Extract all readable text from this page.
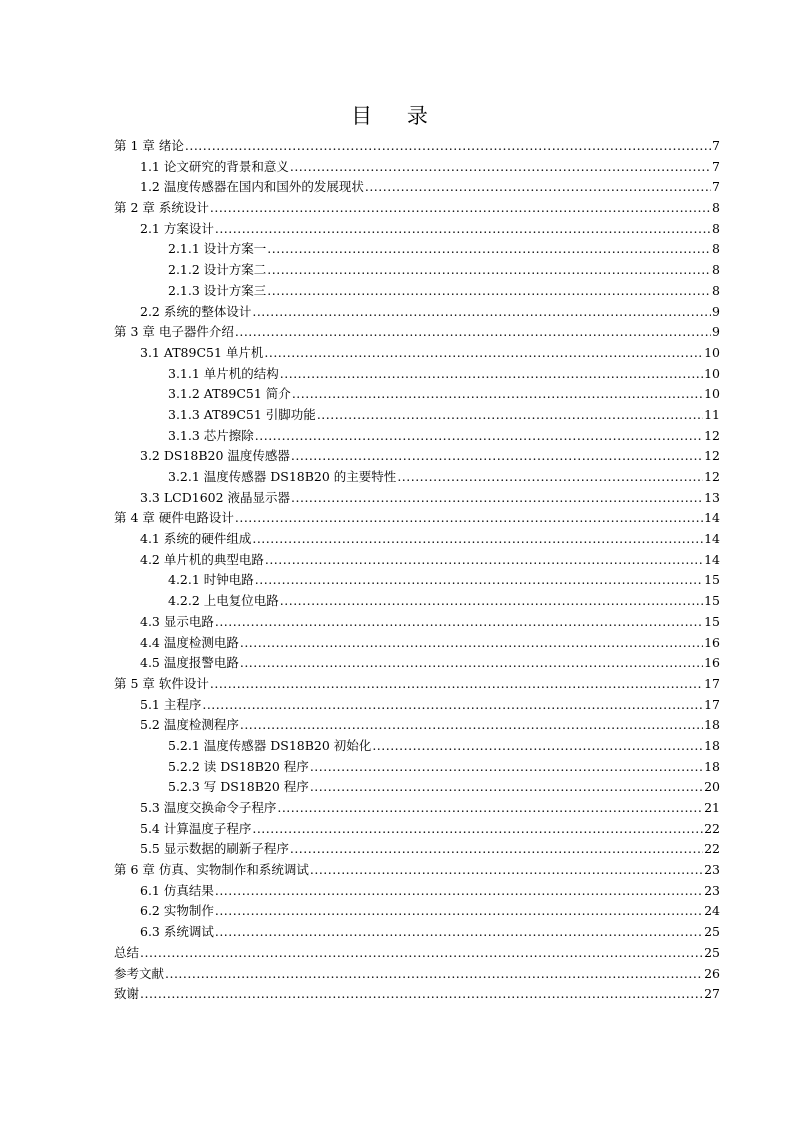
目 录
第 1 章 绪论 .....	7
1.1 论文研究的背景和意义 .....	7
1.2 温度传感器在国内和国外的发展现状 .....	7
第 2 章 系统设计 .....	8
2.1 方案设计 .....	8
2.1.1 设计方案一 .....	8
2.1.2 设计方案二 .....	8
2.1.3 设计方案三 .....	8
2.2 系统的整体设计 .....	9
第 3 章 电子器件介绍 .....	9
3.1 AT89C51 单片机 .....	10
3.1.1 单片机的结构 .....	10
3.1.2 AT89C51 简介 .....	10
3.1.3 AT89C51 引脚功能 .....	11
3.1.3 芯片擦除 .....	12
3.2 DS18B20 温度传感器 .....	12
3.2.1 温度传感器 DS18B20 的主要特性 .....	12
3.3 LCD1602 液晶显示器 .....	13
第 4 章 硬件电路设计 .....	14
4.1 系统的硬件组成 .....	14
4.2 单片机的典型电路 .....	14
4.2.1 时钟电路 .....	15
4.2.2 上电复位电路 .....	15
4.3 显示电路 .....	15
4.4 温度检测电路 .....	16
4.5 温度报警电路 .....	16
第 5 章 软件设计 .....	17
5.1 主程序 .....	17
5.2 温度检测程序 .....	18
5.2.1 温度传感器 DS18B20 初始化 .....	18
5.2.2 读 DS18B20 程序 .....	18
5.2.3 写 DS18B20 程序 .....	20
5.3 温度交换命令子程序 .....	21
5.4 计算温度子程序 .....	22
5.5 显示数据的刷新子程序 .....	22
第 6 章 仿真、实物制作和系统调试 .....	23
6.1 仿真结果 .....	23
6.2 实物制作 .....	24
6.3 系统调试 .....	25
总结 .....	25
参考文献 .....	26
致谢 .....	27
